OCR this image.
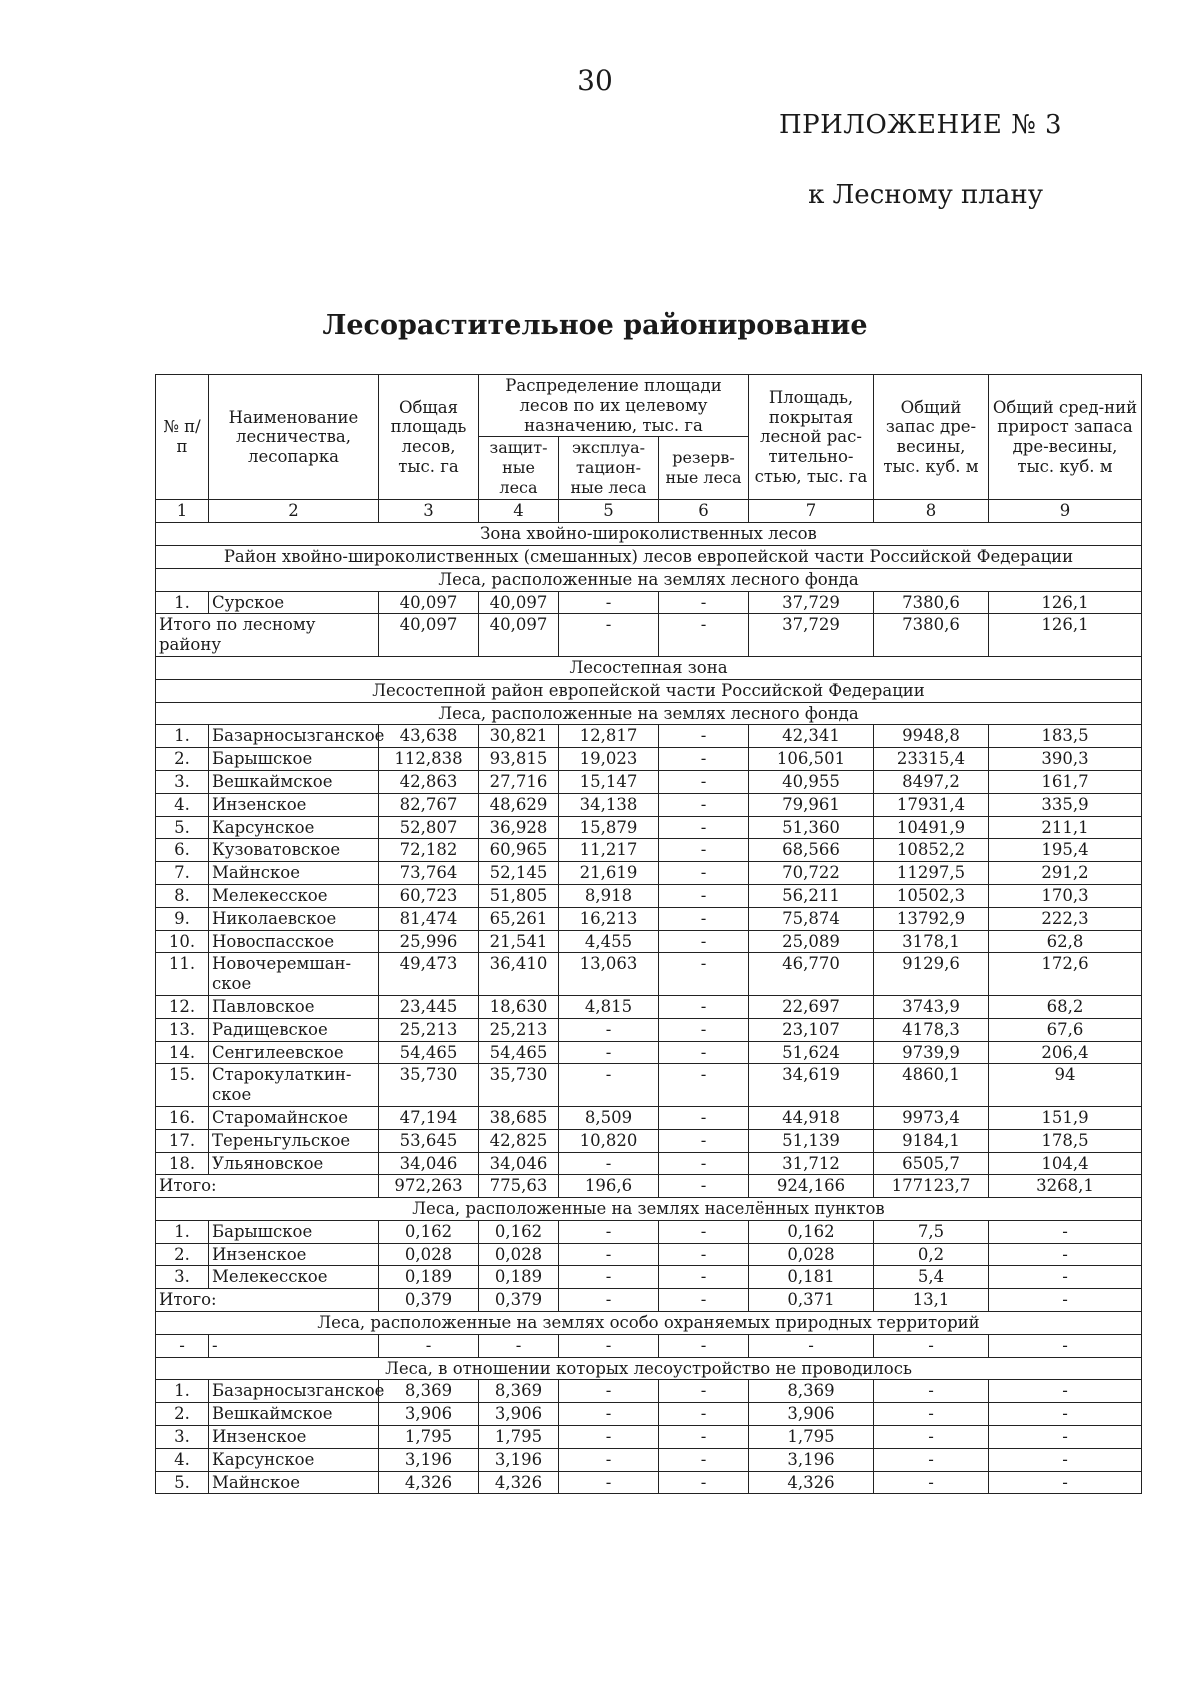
30
ПРИЛОЖЕНИЕ № 3
к Лесному плану
Лесорастительное районирование
№ п/п	Наименование лесничества, лесопарка	Общая площадь лесов, тыс. га	Распределение площади лесов по их целевому назначению, тыс. га			Площадь, покрытая лесной рас-тительно-стью, тыс. га	Общий запас дре-весины, тыс. куб. м	Общий сред-ний прирост запаса дре-весины, тыс. куб. м
			защит-ные леса	эксплуа-тацион-ные леса	резерв-ные леса			
1	2	3	4	5	6	7	8	9
Зона хвойно-широколиственных лесов								
Район хвойно-широколиственных (смешанных) лесов европейской части Российской Федерации								
Леса, расположенные на землях лесного фонда								
1.	Сурское	40,097	40,097	-	-	37,729	7380,6	126,1
Итого по лесному району		40,097	40,097	-	-	37,729	7380,6	126,1
Лесостепная зона								
Лесостепной район европейской части Российской Федерации								
Леса, расположенные на землях лесного фонда								
1.	Базарносызганское	43,638	30,821	12,817	-	42,341	9948,8	183,5
2.	Барышское	112,838	93,815	19,023	-	106,501	23315,4	390,3
3.	Вешкаймское	42,863	27,716	15,147	-	40,955	8497,2	161,7
4.	Инзенское	82,767	48,629	34,138	-	79,961	17931,4	335,9
5.	Карсунское	52,807	36,928	15,879	-	51,360	10491,9	211,1
6.	Кузоватовское	72,182	60,965	11,217	-	68,566	10852,2	195,4
7.	Майнское	73,764	52,145	21,619	-	70,722	11297,5	291,2
8.	Мелекесское	60,723	51,805	8,918	-	56,211	10502,3	170,3
9.	Николаевское	81,474	65,261	16,213	-	75,874	13792,9	222,3
10.	Новоспасское	25,996	21,541	4,455	-	25,089	3178,1	62,8
11.	Новочеремшан-ское	49,473	36,410	13,063	-	46,770	9129,6	172,6
12.	Павловское	23,445	18,630	4,815	-	22,697	3743,9	68,2
13.	Радищевское	25,213	25,213	-	-	23,107	4178,3	67,6
14.	Сенгилеевское	54,465	54,465	-	-	51,624	9739,9	206,4
15.	Старокулаткин-ское	35,730	35,730	-	-	34,619	4860,1	94
16.	Старомайнское	47,194	38,685	8,509	-	44,918	9973,4	151,9
17.	Тереньгульское	53,645	42,825	10,820	-	51,139	9184,1	178,5
18.	Ульяновское	34,046	34,046	-	-	31,712	6505,7	104,4
Итого:		972,263	775,63	196,6	-	924,166	177123,7	3268,1
Леса, расположенные на землях населённых пунктов								
1.	Барышское	0,162	0,162	-	-	0,162	7,5	-
2.	Инзенское	0,028	0,028	-	-	0,028	0,2	-
3.	Мелекесское	0,189	0,189	-	-	0,181	5,4	-
Итого:		0,379	0,379	-	-	0,371	13,1	-
Леса, расположенные на землях особо охраняемых природных территорий								
-	-	-	-	-	-	-	-	-
Леса, в отношении которых лесоустройство не проводилось								
1.	Базарносызганское	8,369	8,369	-	-	8,369	-	-
2.	Вешкаймское	3,906	3,906	-	-	3,906	-	-
3.	Инзенское	1,795	1,795	-	-	1,795	-	-
4.	Карсунское	3,196	3,196	-	-	3,196	-	-
5.	Майнское	4,326	4,326	-	-	4,326	-	-
